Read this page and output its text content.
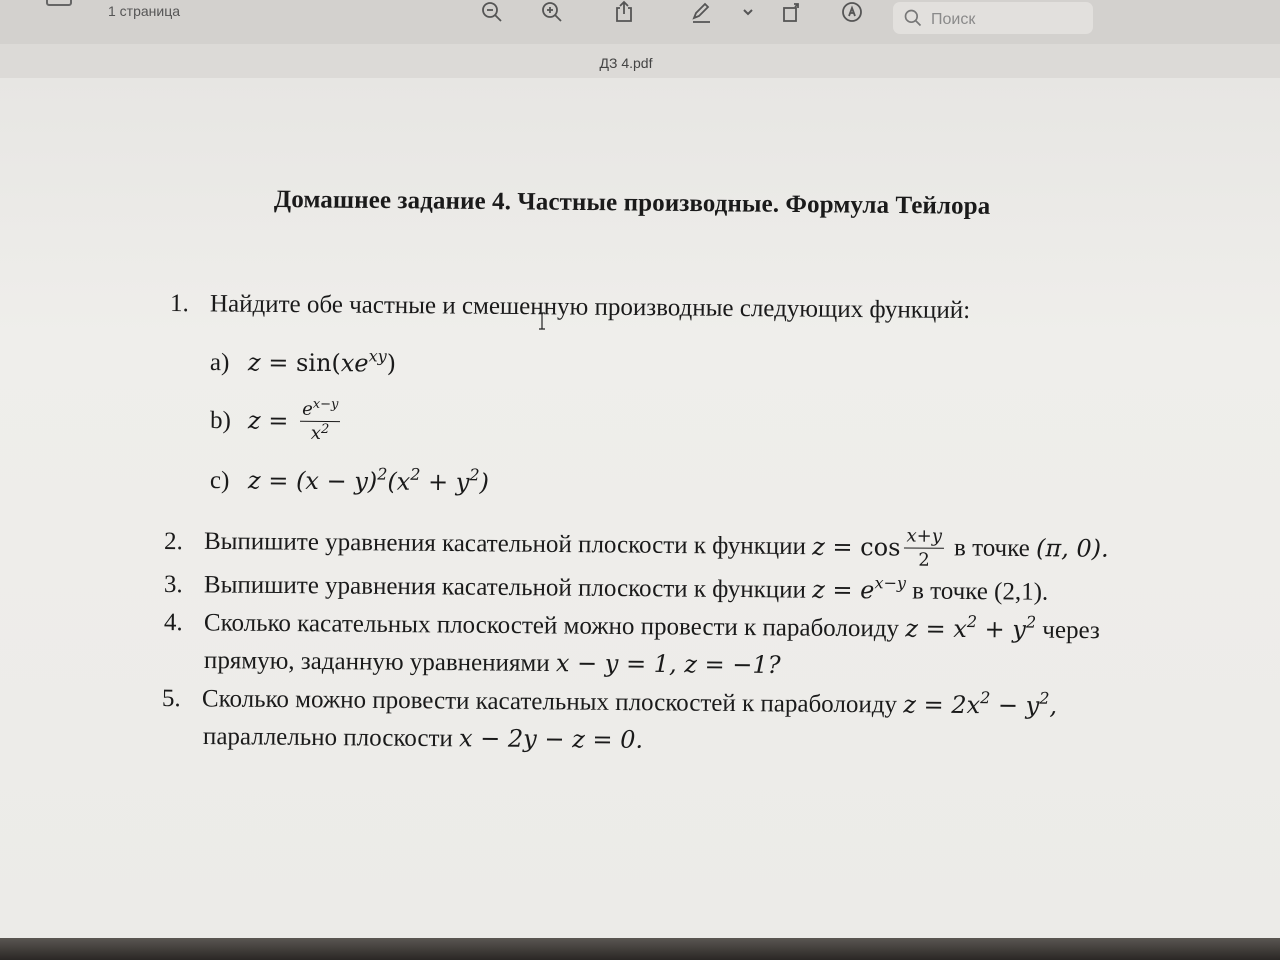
1 страница	Поиск
ДЗ 4.pdf
Домашнее задание 4. Частные производные. Формула Тейлора
1. Найдите обе частные и смешенную производные следующих функций:
a) $z = \sin(xe^{xy})$
b) $z = \frac{e^{x-y}}{x^2}$
c) $z = (x - y)^2(x^2 + y^2)$
2. Выпишите уравнения касательной плоскости к функции $z = \cos \frac{x+y}{2}$ в точке (π, 0).
3. Выпишите уравнения касательной плоскости к функции $z = e^{x-y}$ в точке (2,1).
4. Сколько касательных плоскостей можно провести к параболоиду $z = x^2 + y^2$ через
прямую, заданную уравнениями x − y = 1, z = −1?
5. Сколько можно провести касательных плоскостей к параболоиду $z = 2x^2 - y^2$,
параллельно плоскости x − 2y − z = 0.
